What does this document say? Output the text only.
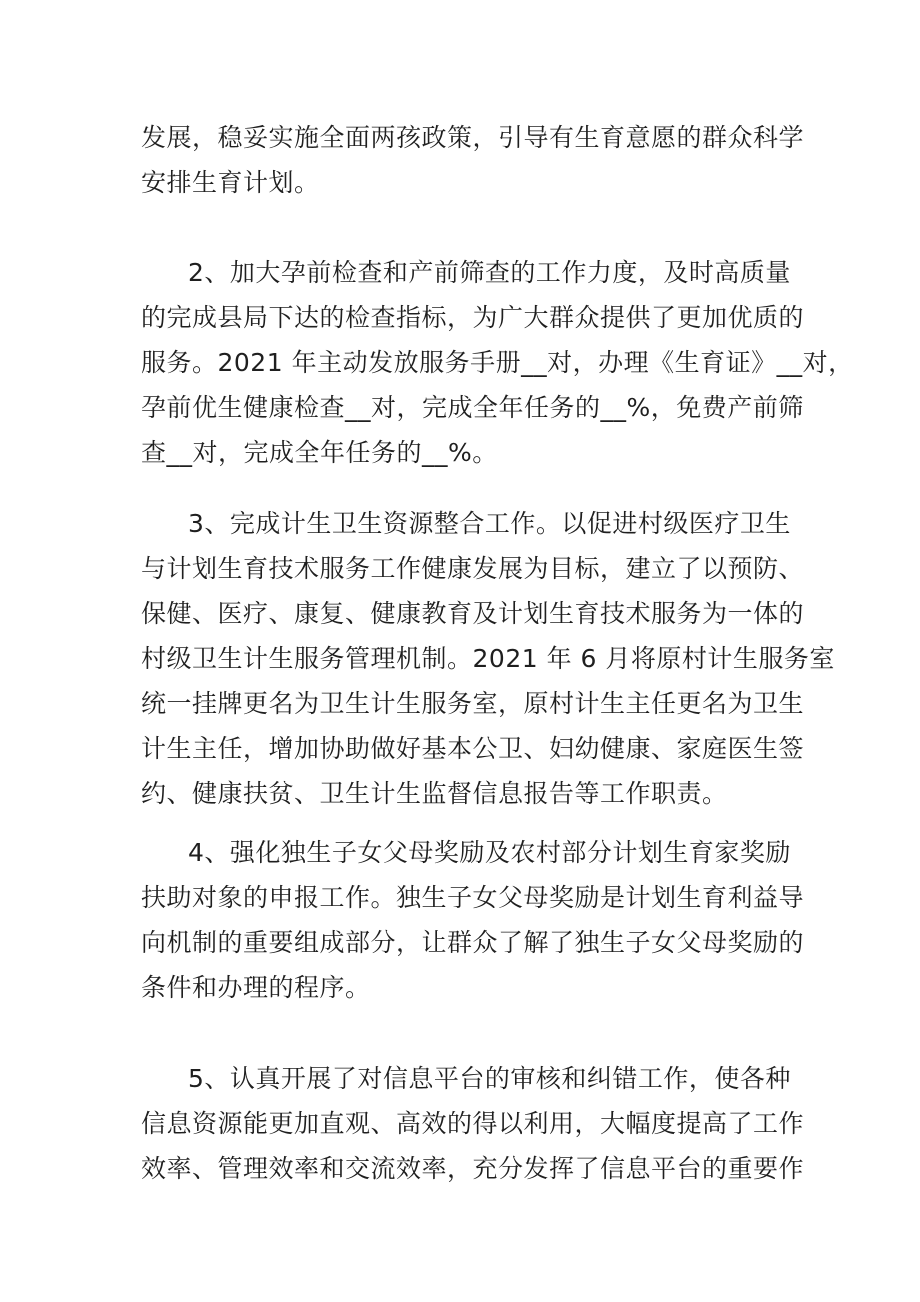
发展，稳妥实施全面两孩政策，引导有生育意愿的群众科学
安排生育计划。
2、加大孕前检查和产前筛查的工作力度，及时高质量
的完成县局下达的检查指标，为广大群众提供了更加优质的
服务。2021 年主动发放服务手册__对，办理《生育证》__对，
孕前优生健康检查__对，完成全年任务的__%，免费产前筛
查__对，完成全年任务的__%。
3、完成计生卫生资源整合工作。以促进村级医疗卫生
与计划生育技术服务工作健康发展为目标，建立了以预防、
保健、医疗、康复、健康教育及计划生育技术服务为一体的
村级卫生计生服务管理机制。2021 年 6 月将原村计生服务室
统一挂牌更名为卫生计生服务室，原村计生主任更名为卫生
计生主任，增加协助做好基本公卫、妇幼健康、家庭医生签
约、健康扶贫、卫生计生监督信息报告等工作职责。
4、强化独生子女父母奖励及农村部分计划生育家奖励
扶助对象的申报工作。独生子女父母奖励是计划生育利益导
向机制的重要组成部分，让群众了解了独生子女父母奖励的
条件和办理的程序。
5、认真开展了对信息平台的审核和纠错工作，使各种
信息资源能更加直观、高效的得以利用，大幅度提高了工作
效率、管理效率和交流效率，充分发挥了信息平台的重要作
